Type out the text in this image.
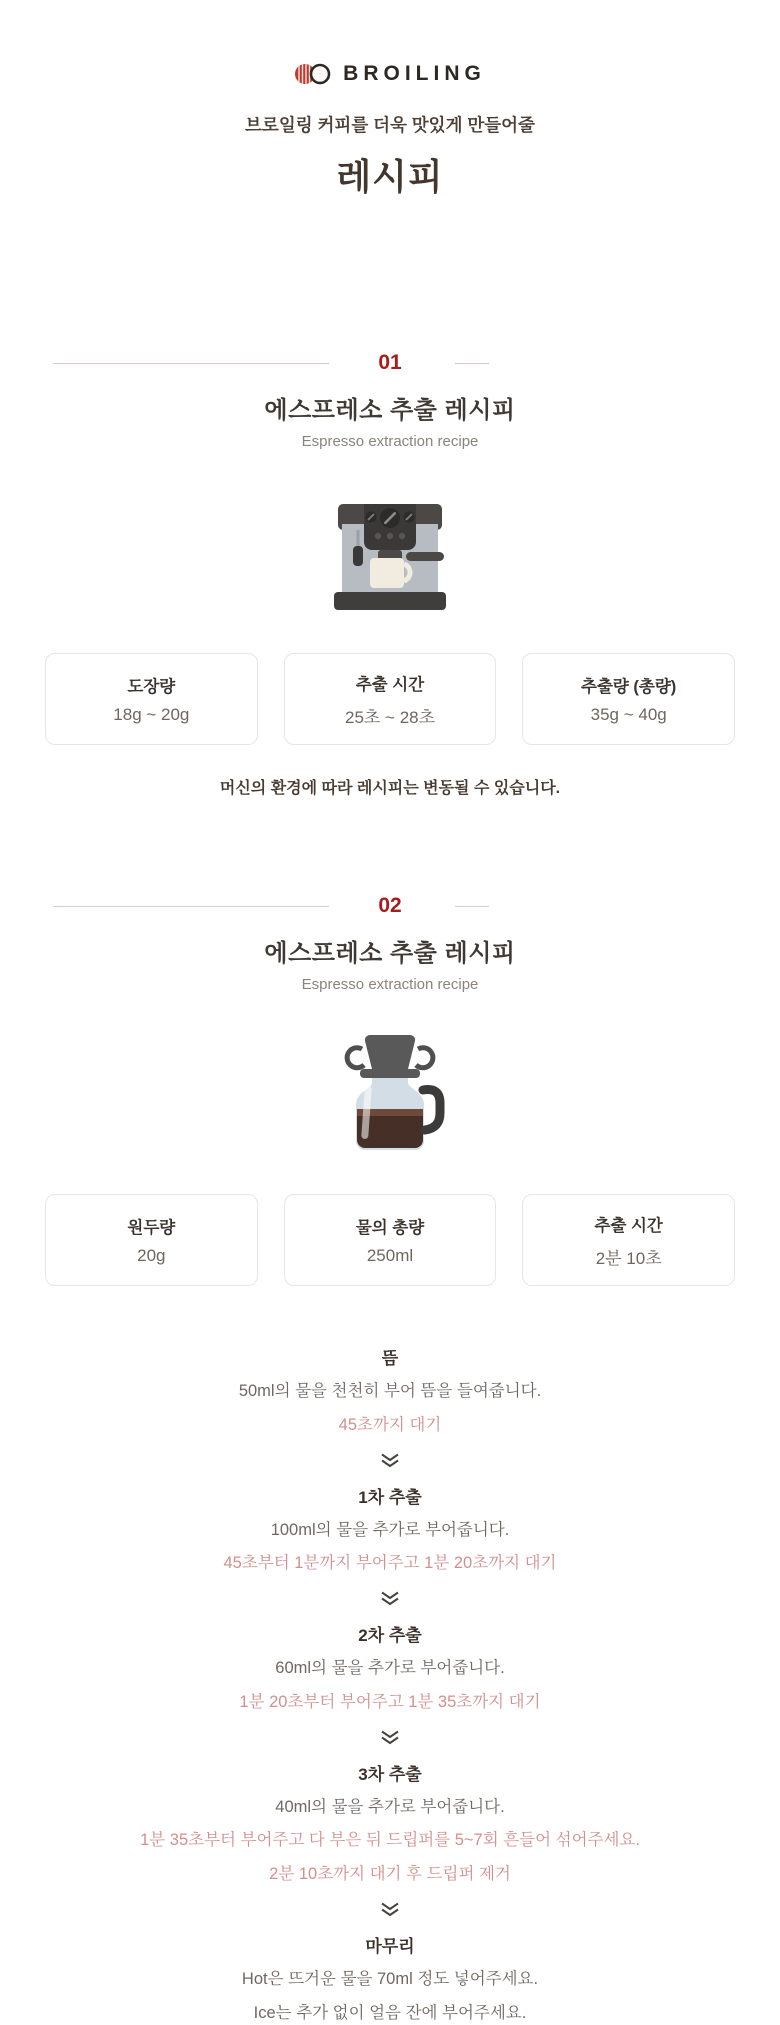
BROILING

브로일링 커피를 더욱 맛있게 만들어줄

레시피
01
에스프레소 추출 레시피

Espresso extraction recipe

도장량
18g ~ 20g
추출 시간
25초 ~ 28초
추출량 (총량)
35g ~ 40g

머신의 환경에 따라 레시피는 변동될 수 있습니다.

02
에스프레소 추출 레시피

Espresso extraction recipe

원두량
20g
물의 총량
250ml
추출 시간
2분 10초
뜸

50ml의 물을 천천히 부어 뜸을 들여줍니다.

45초까지 대기

1차 추출

100ml의 물을 추가로 부어줍니다.

45초부터 1분까지 부어주고 1분 20초까지 대기

2차 추출

60ml의 물을 추가로 부어줍니다.

1분 20초부터 부어주고 1분 35초까지 대기

3차 추출

40ml의 물을 추가로 부어줍니다.

1분 35초부터 부어주고 다 부은 뒤 드립퍼를 5~7회 흔들어 섞어주세요.

2분 10초까지 대기 후 드립퍼 제거

마무리

Hot은 뜨거운 물을 70ml 정도 넣어주세요.

Ice는 추가 없이 얼음 잔에 부어주세요.
